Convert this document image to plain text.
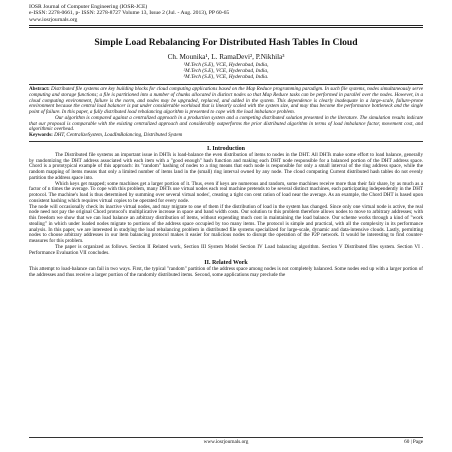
IOSR Journal of Computer Engineering (IOSR-JCE)
e-ISSN: 2278-0661, p- ISSN: 2278-8727 Volume 13, Issue 2 (Jul. - Aug. 2013), PP 60-65
www.iosrjournals.org
Simple Load Rebalancing For Distributed Hash Tables In Cloud
Ch. Mounika¹, L. RamaDevi², P.Nikhila³
¹M.Tech (S.E), VCE, Hyderabad, India,
²M.Tech (S.E), VCE, Hyderabad, India,
³M.Tech (S.E), VCE, Hyderabad, India.

Abstract: Distributed file systems are key building blocks for cloud computing applications based on the Map Reduce programming paradigm. In such file systems, nodes simultaneously serve computing and storage functions; a file is partitioned into a number of chunks allocated in distinct nodes so that Map Reduce tasks can be performed in parallel over the nodes. However, in a cloud computing environment, failure is the norm, and nodes may be upgraded, replaced, and added in the system. This dependence is clearly inadequate in a large-scale, failure-prone environment because the central load balancer is put under considerable workload that is linearly scaled with the system size, and may thus become the performance bottleneck and the single point of failure. In this paper, a fully distributed load rebalancing algorithm is presented to cope with the load imbalance problem.

Our algorithm is compared against a centralized approach in a production system and a competing distributed solution presented in the literature. The simulation results indicate that our proposal is comparable with the existing centralized approach and considerably outperforms the prior distributed algorithm in terms of load imbalance factor, movement cost, and algorithmic overhead.

Keywords: DHT, CentralizeSystem, LoadImBalancing, Distributed System

I. Introduction

The Distributed file systems an important issue in DHTs is load-balance the even distribution of items to nodes in the DHT. All DHTs make some effort to load balance, generally by randomizing the DHT address associated with each item with a "good enough" hash function and making each DHT node responsible for a balanced portion of the DHT address space. Chord is a prototypical example of this approach: its "random" hashing of nodes to a ring means that each node is responsible for only a small interval of the ring address space, while the random mapping of items means that only a limited number of items land in the (small) ring interval owned by any node. The cloud computing Current distributed hash tables do not evenly partition the address space into.

Which keys get mapped; some machines get a larger portion of it. Thus, even if keys are numerous and random, some machines receive more than their fair share, by as much as a factor of n times the average. To cope with this problem, many DHTs use virtual nodes each real machine pretends to be several distinct machines, each participating independently in the DHT protocol. The machine's load is thus determined by summing over several virtual nodes', creating a tight con cent ration of load near the average. As an example, the Chord DHT is based upon consistent hashing which requires virtual copies to be operated for every node.

The node will occasionally check its inactive virtual nodes, and may migrate to one of them if the distribution of load in the system has changed. Since only one virtual node is active, the real node need not pay the original Chord protocol's multiplicative increase in space and band width costs. Our solution to this problem therefore allows nodes to move to arbitrary addresses; with this freedom we show that we can load balance an arbitrary distribution of items, without expending much cost in maintaining the load balance. Our scheme works through a kind of "work stealing" in which under loaded nodes migrate to portions of the address space occupied by too many items. The protocol is simple and practical, with all the complexity in its performance analysis. In this paper, we are interested in studying the load rebalancing problem in distributed file systems specialized for large-scale, dynamic and data-intensive clouds. Lastly, permitting nodes to choose arbitrary addresses in our item balancing protocol makes it easier for malicious nodes to disrupt the operation of the P2P network. It would be interesting to find counter-measures for this problem.

The paper is organized as follows. Section II Related work, Section III System Model Section IV Load balancing algorithm. Section V Distributed files system. Section VI . Performance Evaluation VII concludes.

II. Related Work

This attempt to load-balance can fail in two ways. First, the typical "random" partition of the address space among nodes is not completely balanced. Some nodes end up with a larger portion of the addresses and thus receive a larger portion of the randomly distributed items. Second, some applications may preclude the

www.iosrjournals.org	60 | Page
